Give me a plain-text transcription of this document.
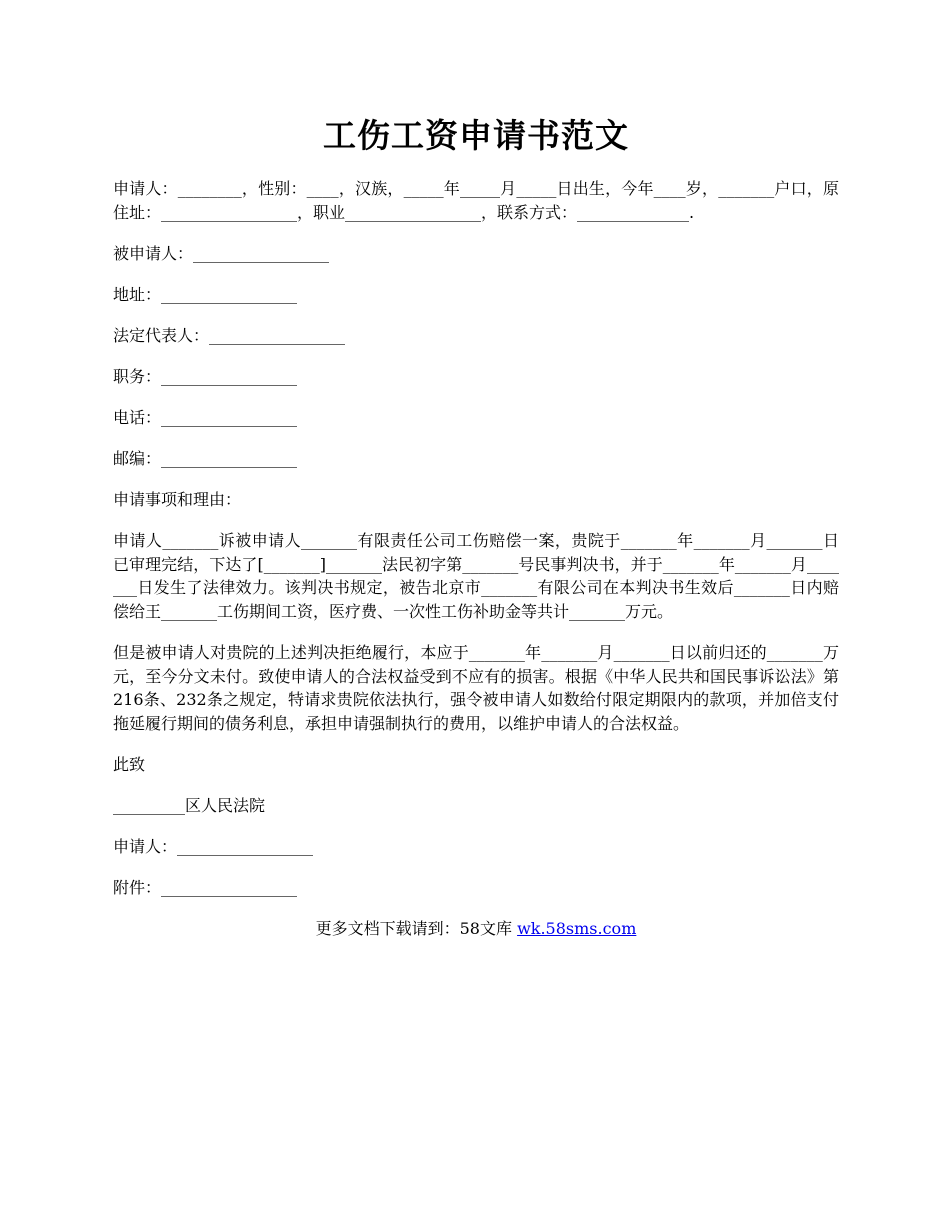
工伤工资申请书范文

申请人：________，性别：____，汉族，_____年_____月_____日出生，今年____岁，_______户口，原住址：_________________，职业_________________，联系方式：______________.

被申请人：_________________

地址：_________________

法定代表人：_________________

职务：_________________

电话：_________________

邮编：_________________

申请事项和理由：

申请人_______诉被申请人_______有限责任公司工伤赔偿一案，贵院于_______年_______月_______日已审理完结，下达了[_______]_______法民初字第_______号民事判决书，并于_______年_______月_______日发生了法律效力。该判决书规定，被告北京市_______有限公司在本判决书生效后_______日内赔偿给王_______工伤期间工资，医疗费、一次性工伤补助金等共计_______万元。

但是被申请人对贵院的上述判决拒绝履行，本应于_______年_______月_______日以前归还的_______万元，至今分文未付。致使申请人的合法权益受到不应有的损害。根据《中华人民共和国民事诉讼法》第216条、232条之规定，特请求贵院依法执行，强令被申请人如数给付限定期限内的款项，并加倍支付拖延履行期间的债务利息，承担申请强制执行的费用，以维护申请人的合法权益。

此致

_________区人民法院

申请人：_________________

附件：_________________

更多文档下载请到：58文库 wk.58sms.com
